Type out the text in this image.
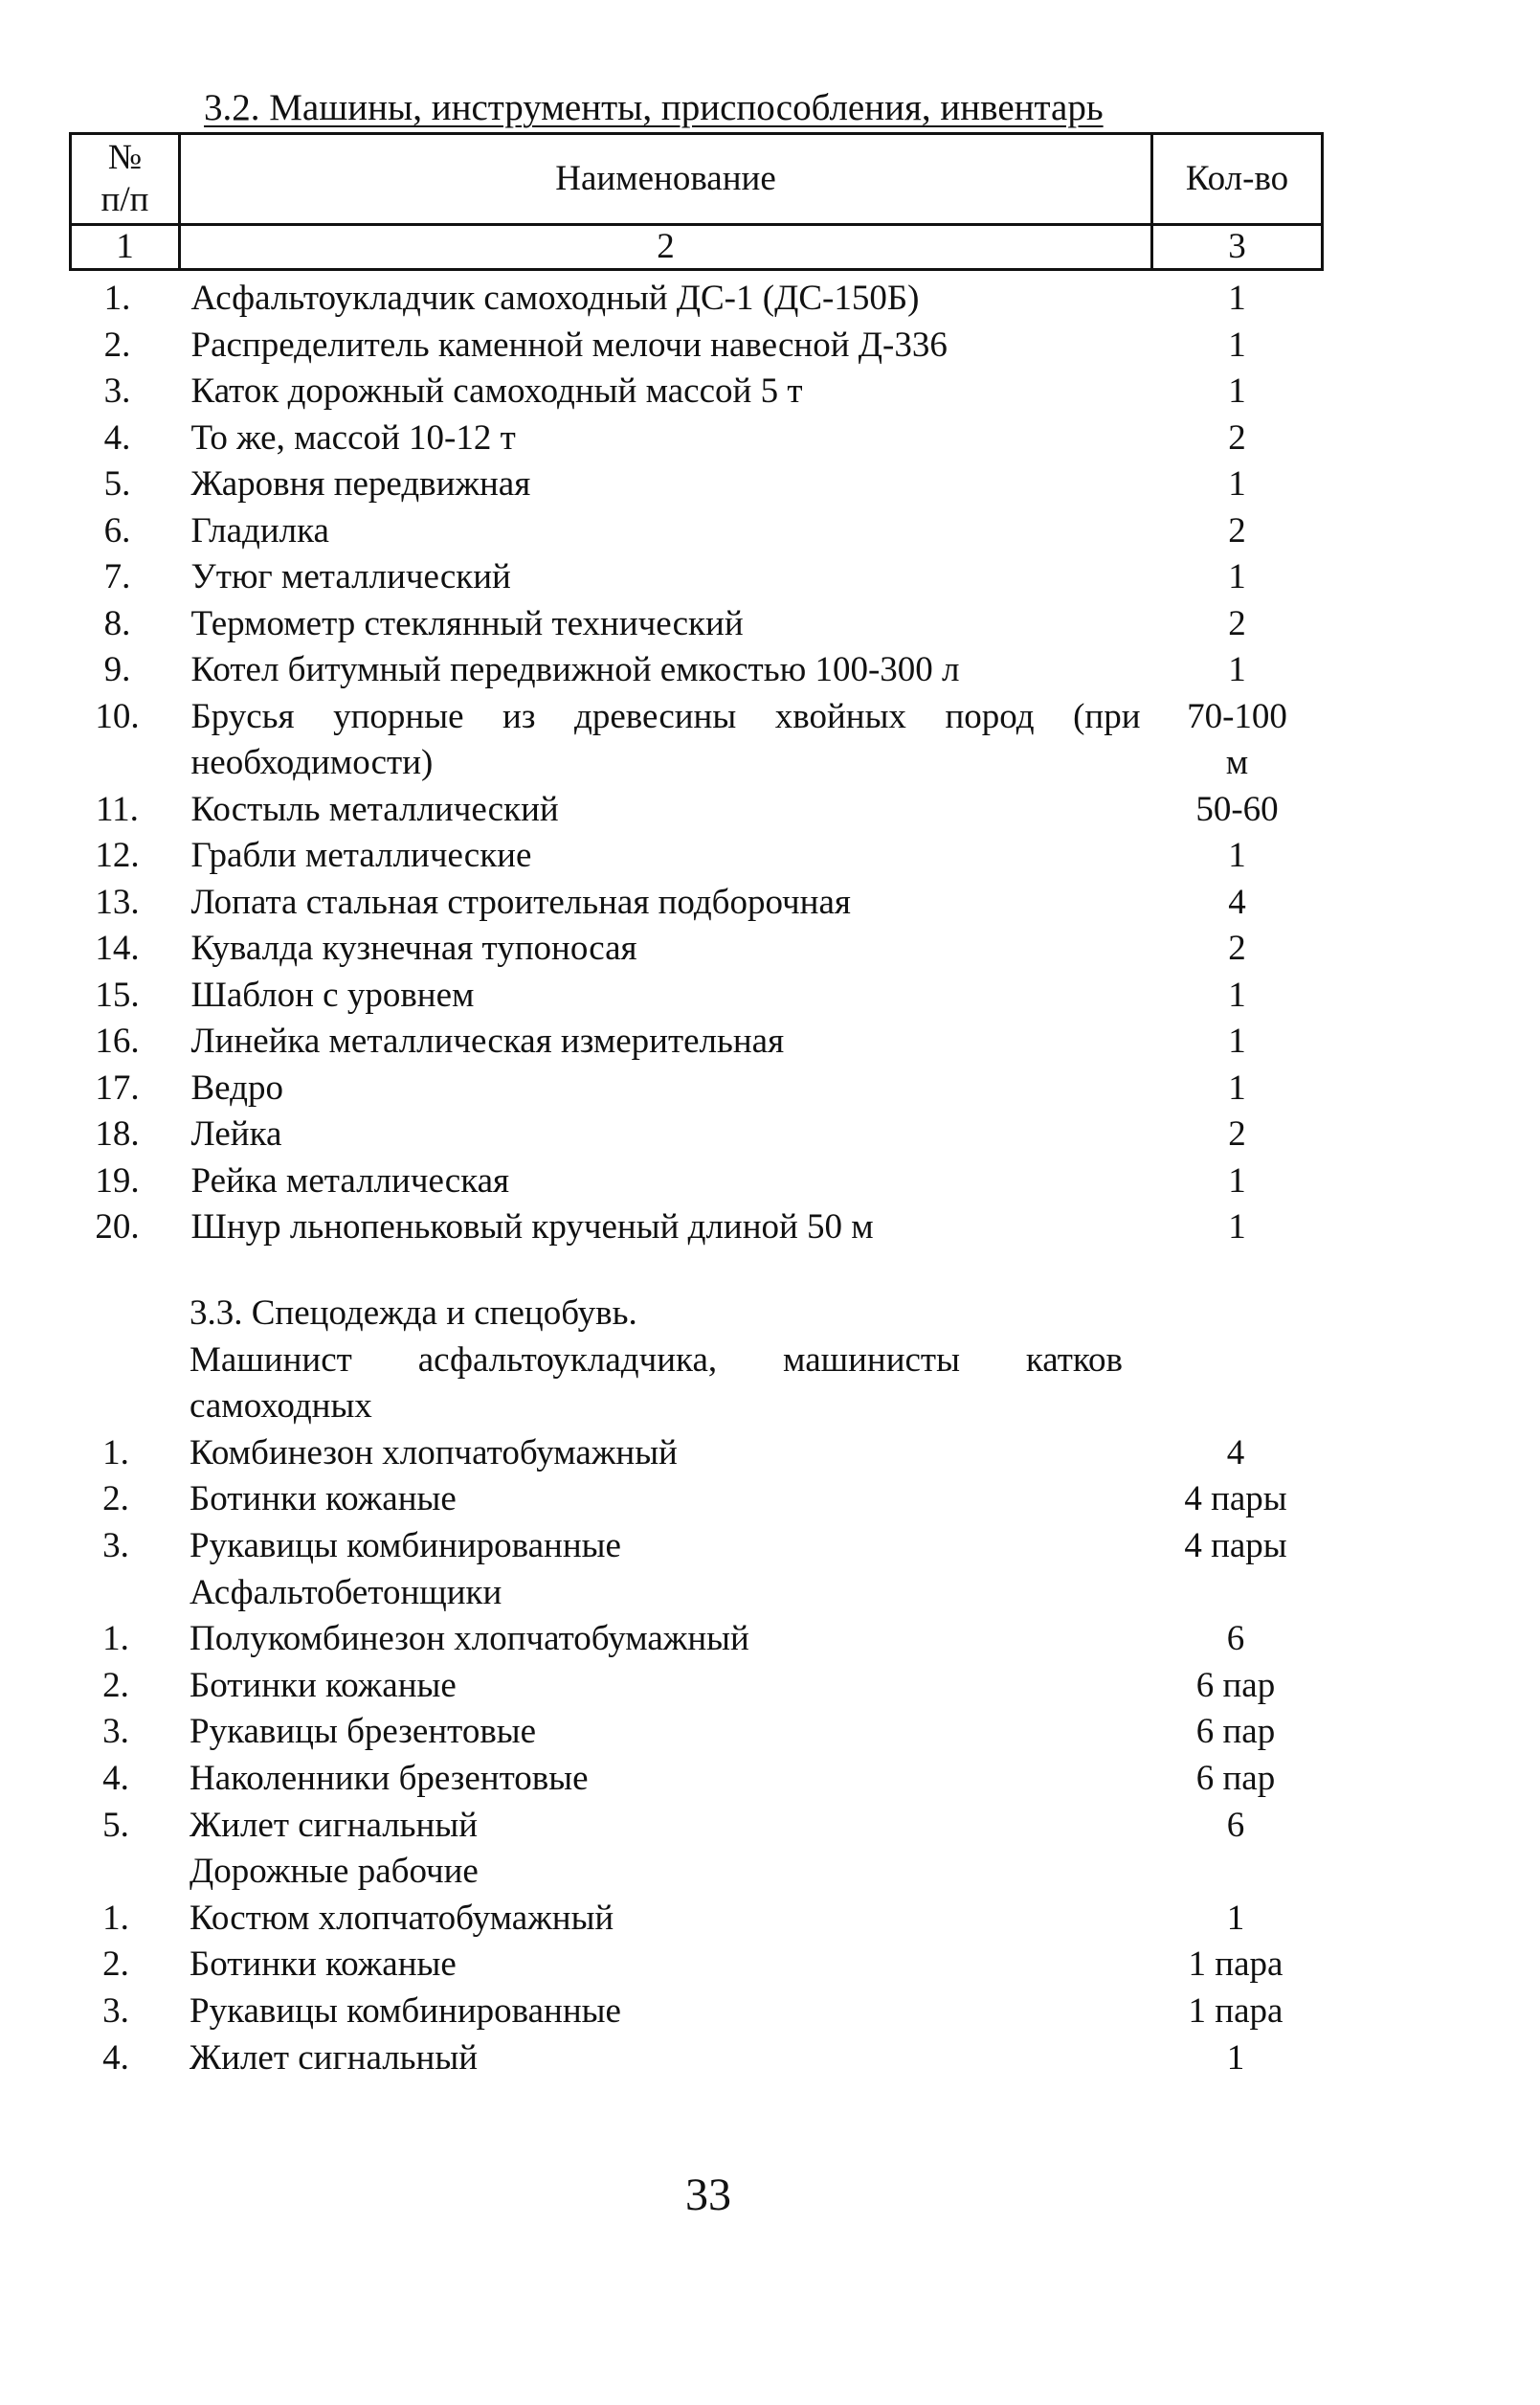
3.2. Машины, инструменты, приспособления, инвентарь
№ п/п	Наименование	Кол-во
1	2	3
1.	Асфальтоукладчик самоходный ДС-1 (ДС-150Б)	1
2.	Распределитель каменной мелочи навесной Д-336	1
3.	Каток дорожный самоходный массой 5 т	1
4.	То же, массой 10-12 т	2
5.	Жаровня передвижная	1
6.	Гладилка	2
7.	Утюг металлический	1
8.	Термометр стеклянный технический	2
9.	Котел битумный передвижной емкостью 100-300 л	1
10.	Брусья упорные из древесины хвойных пород (при необходимости)	70-100 м
11.	Костыль металлический	50-60
12.	Грабли металлические	1
13.	Лопата стальная строительная подборочная	4
14.	Кувалда кузнечная тупоносая	2
15.	Шаблон с уровнем	1
16.	Линейка металлическая измерительная	1
17.	Ведро	1
18.	Лейка	2
19.	Рейка металлическая	1
20.	Шнур льнопеньковый крученый длиной 50 м	1
3.3. Спецодежда и спецобувь.
Машинист асфальтоукладчика, машинисты катков
самоходных
1.	Комбинезон хлопчатобумажный	4
2.	Ботинки кожаные	4 пары
3.	Рукавицы комбинированные	4 пары
Асфальтобетонщики
1.	Полукомбинезон хлопчатобумажный	6
2.	Ботинки кожаные	6 пар
3.	Рукавицы брезентовые	6 пар
4.	Наколенники брезентовые	6 пар
5.	Жилет сигнальный	6
Дорожные рабочие
1.	Костюм хлопчатобумажный	1
2.	Ботинки кожаные	1 пара
3.	Рукавицы комбинированные	1 пара
4.	Жилет сигнальный	1
33
